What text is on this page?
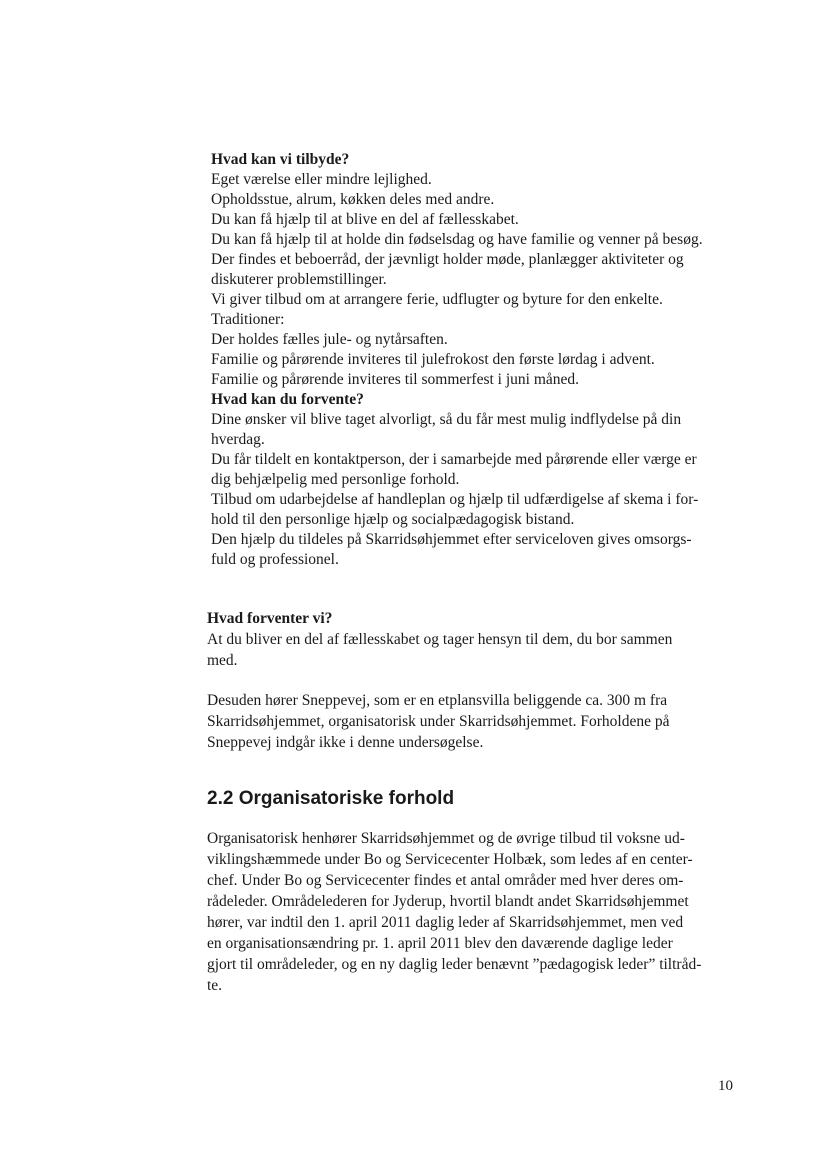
Hvad kan vi tilbyde?
Eget værelse eller mindre lejlighed.
Opholdsstue, alrum, køkken deles med andre.
Du kan få hjælp til at blive en del af fællesskabet.
Du kan få hjælp til at holde din fødselsdag og have familie og venner på besøg.
Der findes et beboerråd, der jævnligt holder møde, planlægger aktiviteter og
diskuterer problemstillinger.
Vi giver tilbud om at arrangere ferie, udflugter og byture for den enkelte.
Traditioner:
Der holdes fælles jule- og nytårsaften.
Familie og pårørende inviteres til julefrokost den første lørdag i advent.
Familie og pårørende inviteres til sommerfest i juni måned.
Hvad kan du forvente?
Dine ønsker vil blive taget alvorligt, så du får mest mulig indflydelse på din
hverdag.
Du får tildelt en kontaktperson, der i samarbejde med pårørende eller værge er
dig behjælpelig med personlige forhold.
Tilbud om udarbejdelse af handleplan og hjælp til udfærdigelse af skema i for-
hold til den personlige hjælp og socialpædagogisk bistand.
Den hjælp du tildeles på Skarridsøhjemmet efter serviceloven gives omsorgs-
fuld og professionel.
Hvad forventer vi?
At du bliver en del af fællesskabet og tager hensyn til dem, du bor sammen
med.
Desuden hører Sneppevej, som er en etplansvilla beliggende ca. 300 m fra
Skarridsøhjemmet, organisatorisk under Skarridsøhjemmet. Forholdene på
Sneppevej indgår ikke i denne undersøgelse.
2.2 Organisatoriske forhold
Organisatorisk henhører Skarridsøhjemmet og de øvrige tilbud til voksne ud-
viklingshæmmede under Bo og Servicecenter Holbæk, som ledes af en center-
chef. Under Bo og Servicecenter findes et antal områder med hver deres om-
rådeleder. Områdelederen for Jyderup, hvortil blandt andet Skarridsøhjemmet
hører, var indtil den 1. april 2011 daglig leder af Skarridsøhjemmet, men ved
en organisationsændring pr. 1. april 2011 blev den daværende daglige leder
gjort til områdeleder, og en ny daglig leder benævnt ”pædagogisk leder” tiltråd-
te.
10
